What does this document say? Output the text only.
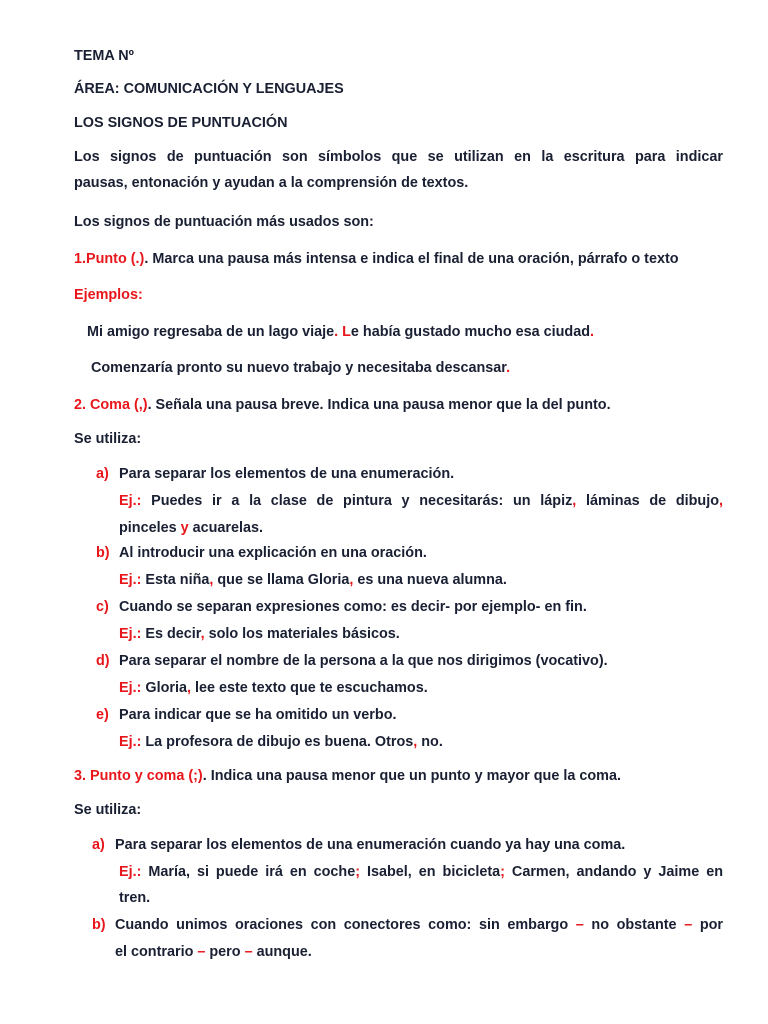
TEMA Nº

ÁREA: COMUNICACIÓN Y LENGUAJES

LOS SIGNOS DE PUNTUACIÓN

Los signos de puntuación son símbolos que se utilizan en la escritura para indicar

pausas, entonación y ayudan a la comprensión de textos.

Los signos de puntuación más usados son:

1.Punto (.). Marca una pausa más intensa e indica el final de una oración, párrafo o texto

Ejemplos:

Mi amigo regresaba de un lago viaje. Le había gustado mucho esa ciudad.

Comenzaría pronto su nuevo trabajo y necesitaba descansar.

2. Coma (,). Señala una pausa breve. Indica una pausa menor que la del punto.

Se utiliza:

a) Para separar los elementos de una enumeración.

Ej.: Puedes ir a la clase de pintura y necesitarás: un lápiz, láminas de dibujo,

pinceles y acuarelas.

b) Al introducir una explicación en una oración.

Ej.: Esta niña, que se llama Gloria, es una nueva alumna.

c) Cuando se separan expresiones como: es decir- por ejemplo- en fin.

Ej.: Es decir, solo los materiales básicos.

d) Para separar el nombre de la persona a la que nos dirigimos (vocativo).

Ej.: Gloria, lee este texto que te escuchamos.

e) Para indicar que se ha omitido un verbo.

Ej.: La profesora de dibujo es buena. Otros, no.

3. Punto y coma (;). Indica una pausa menor que un punto y mayor que la coma.

Se utiliza:

a) Para separar los elementos de una enumeración cuando ya hay una coma.

Ej.: María, si puede irá en coche; Isabel, en bicicleta; Carmen, andando y Jaime en

tren.

b) Cuando unimos oraciones con conectores como: sin embargo – no obstante – por

el contrario – pero – aunque.
